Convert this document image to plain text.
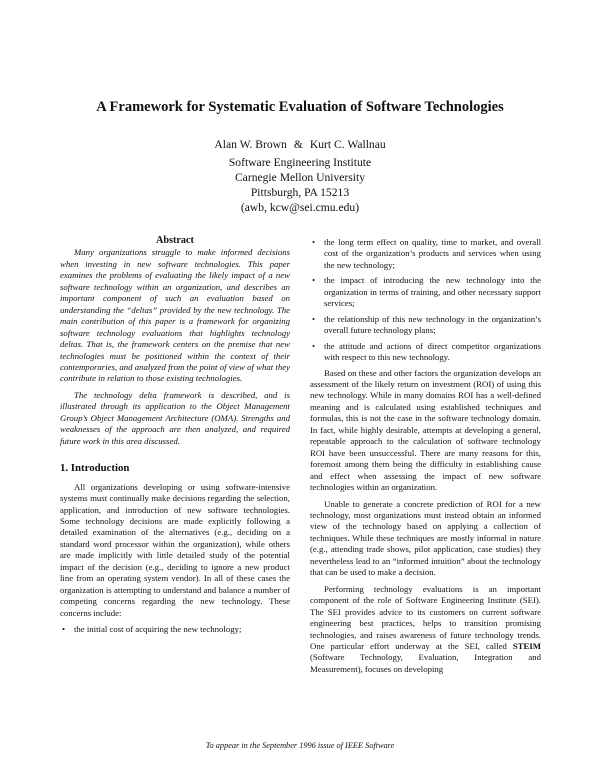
A Framework for Systematic Evaluation of Software Technologies
Alan W. Brown & Kurt C. Wallnau
Software Engineering Institute
Carnegie Mellon University
Pittsburgh, PA 15213
(awb, kcw@sei.cmu.edu)
Abstract

Many organizations struggle to make informed decisions when investing in new software technologies. This paper examines the problems of evaluating the likely impact of a new software technology within an organization, and describes an important component of such an evaluation based on understanding the “deltas” provided by the new technology. The main contribution of this paper is a framework for organizing software technology evaluations that highlights technology deltas. That is, the framework centers on the premise that new technologies must be positioned within the context of their contemporaries, and analyzed from the point of view of what they contribute in relation to those existing technologies.

The technology delta framework is described, and is illustrated through its application to the Object Management Group’s Object Management Architecture (OMA). Strengths and weaknesses of the approach are then analyzed, and required future work in this area discussed.

1. Introduction

All organizations developing or using software-intensive systems must continually make decisions regarding the selection, application, and introduction of new software technologies. Some technology decisions are made explicitly following a detailed examination of the alternatives (e.g., deciding on a standard word processor within the organization), while others are made implicitly with little detailed study of the potential impact of the decision (e.g., deciding to ignore a new product line from an operating system vendor). In all of these cases the organization is attempting to understand and balance a number of competing concerns regarding the new technology. These concerns include:

• the initial cost of acquiring the new technology;
• the long term effect on quality, time to market, and overall cost of the organization’s products and services when using the new technology;
• the impact of introducing the new technology into the organization in terms of training, and other necessary support services;
• the relationship of this new technology in the organization’s overall future technology plans;
• the attitude and actions of direct competitor organizations with respect to this new technology.

Based on these and other factors the organization develops an assessment of the likely return on investment (ROI) of using this new technology. While in many domains ROI has a well-defined meaning and is calculated using established techniques and formulas, this is not the case in the software technology domain. In fact, while highly desirable, attempts at developing a general, repeatable approach to the calculation of software technology ROI have been unsuccessful. There are many reasons for this, foremost among them being the difficulty in establishing cause and effect when assessing the impact of new software technologies within an organization.

Unable to generate a concrete prediction of ROI for a new technology, most organizations must instead obtain an informed view of the technology based on applying a collection of techniques. While these techniques are mostly informal in nature (e.g., attending trade shows, pilot application, case studies) they nevertheless lead to an “informed intuition” about the technology that can be used to make a decision.

Performing technology evaluations is an important component of the role of Software Engineering Institute (SEI). The SEI provides advice to its customers on current software engineering best practices, helps to transition promising technologies, and raises awareness of future technology trends. One particular effort underway at the SEI, called STEIM (Software Technology, Evaluation, Integration and Measurement), focuses on developing

To appear in the September 1996 issue of IEEE Software
